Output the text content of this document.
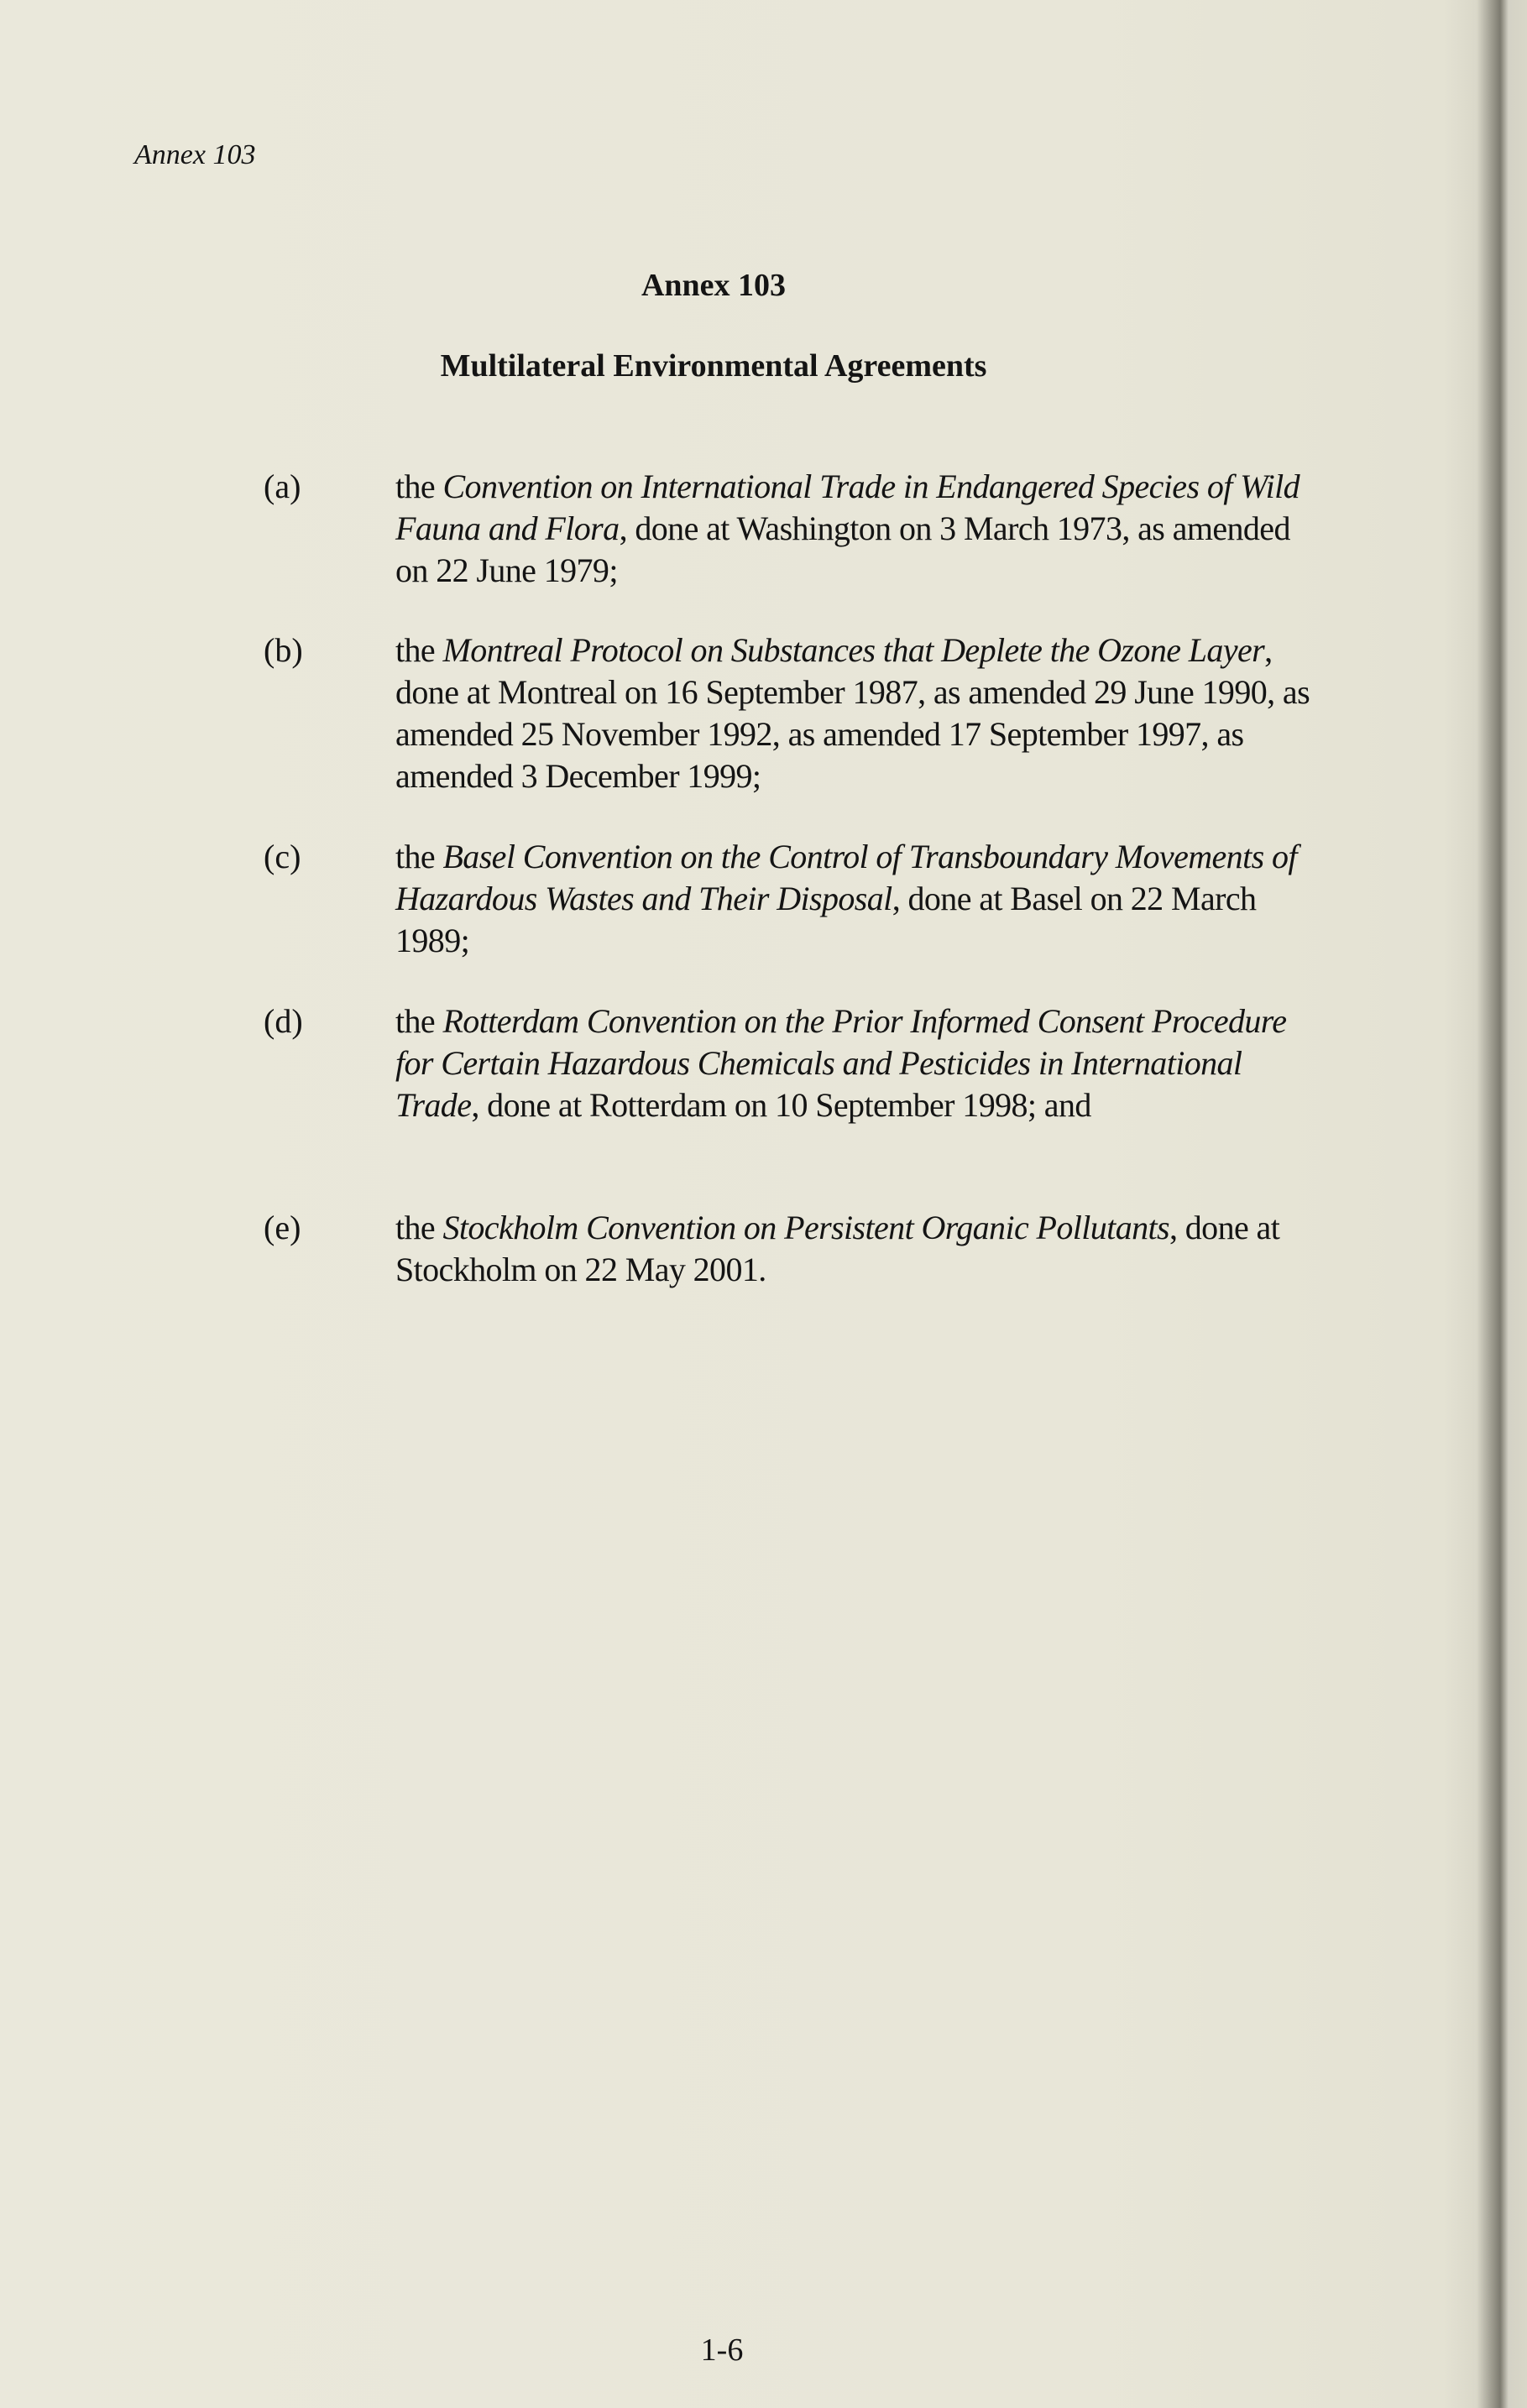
Annex 103
Annex 103
Multilateral Environmental Agreements
(a)	the Convention on International Trade in Endangered Species of Wild Fauna and Flora, done at Washington on 3 March 1973, as amended on 22 June 1979;
(b)	the Montreal Protocol on Substances that Deplete the Ozone Layer, done at Montreal on 16 September 1987, as amended 29 June 1990, as amended 25 November 1992, as amended 17 September 1997, as amended 3 December 1999;
(c)	the Basel Convention on the Control of Transboundary Movements of Hazardous Wastes and Their Disposal, done at Basel on 22 March 1989;
(d)	the Rotterdam Convention on the Prior Informed Consent Procedure for Certain Hazardous Chemicals and Pesticides in International Trade, done at Rotterdam on 10 September 1998; and
(e)	the Stockholm Convention on Persistent Organic Pollutants, done at Stockholm on 22 May 2001.
1-6
